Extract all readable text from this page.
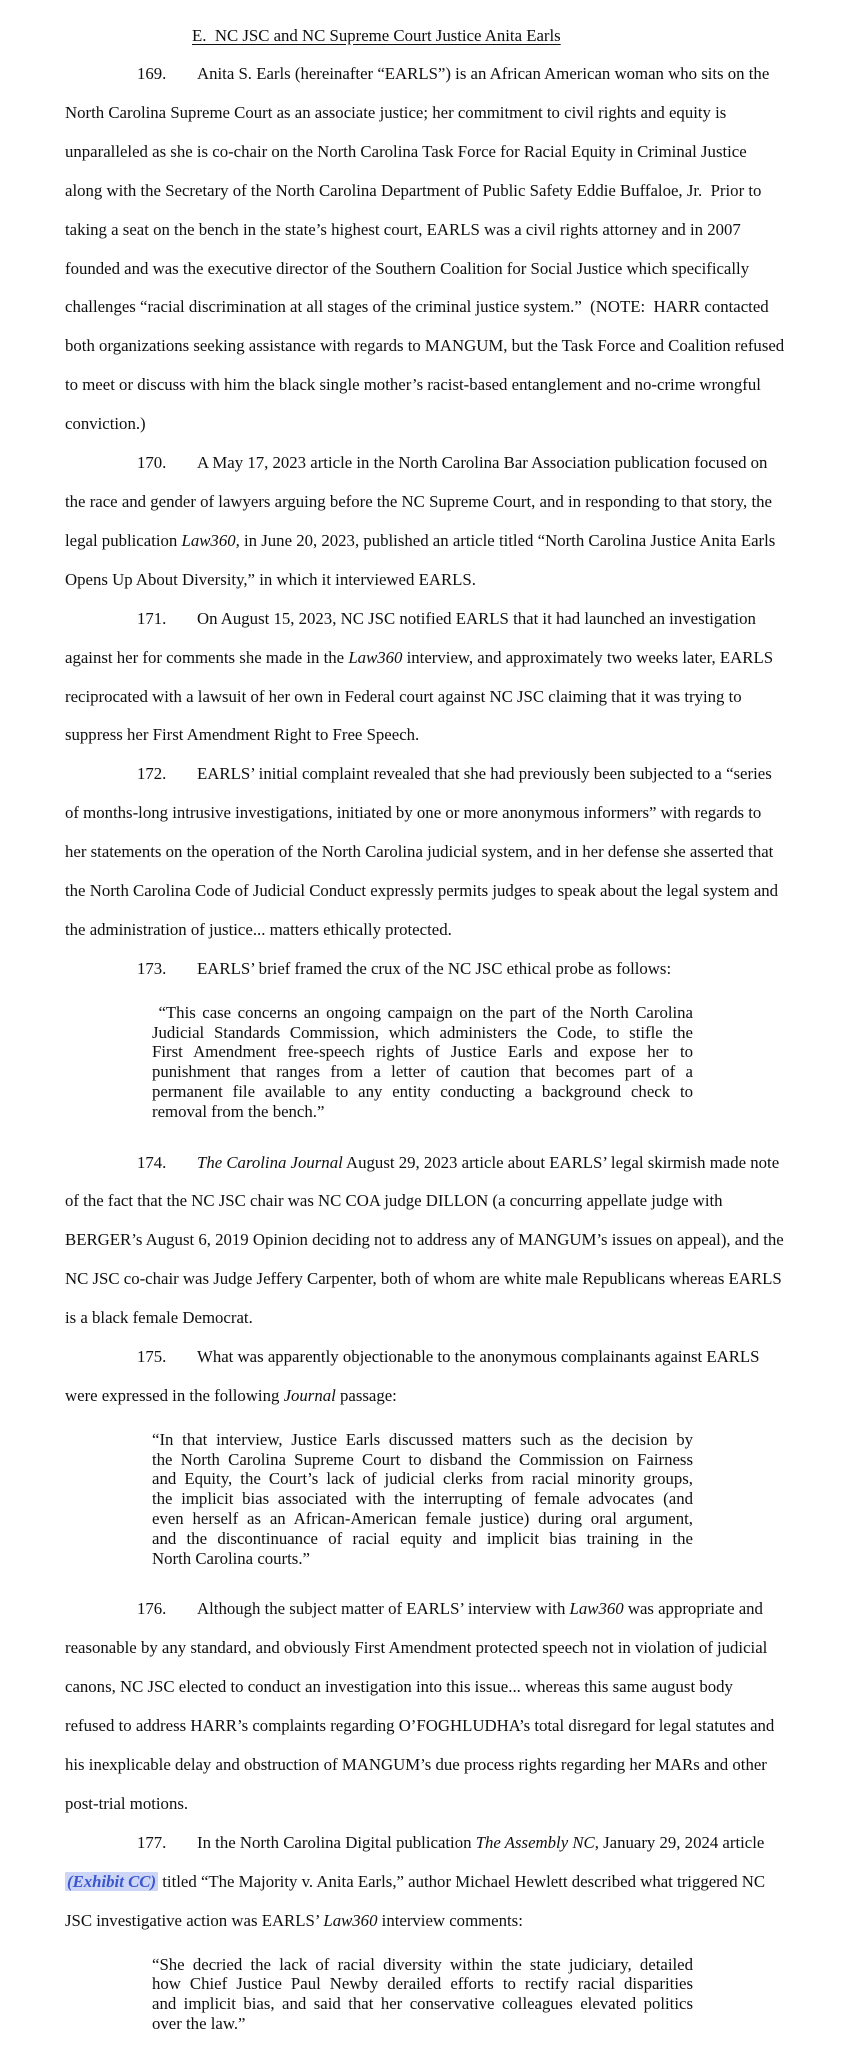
E.  NC JSC and NC Supreme Court Justice Anita Earls

169. Anita S. Earls (hereinafter “EARLS”) is an African American woman who sits on the North Carolina Supreme Court as an associate justice; her commitment to civil rights and equity is unparalleled as she is co-chair on the North Carolina Task Force for Racial Equity in Criminal Justice along with the Secretary of the North Carolina Department of Public Safety Eddie Buffaloe, Jr.  Prior to taking a seat on the bench in the state’s highest court, EARLS was a civil rights attorney and in 2007 founded and was the executive director of the Southern Coalition for Social Justice which specifically challenges “racial discrimination at all stages of the criminal justice system.”  (NOTE:  HARR contacted both organizations seeking assistance with regards to MANGUM, but the Task Force and Coalition refused to meet or discuss with him the black single mother’s racist-based entanglement and no-crime wrongful conviction.)

170. A May 17, 2023 article in the North Carolina Bar Association publication focused on the race and gender of lawyers arguing before the NC Supreme Court, and in responding to that story, the legal publication Law360, in June 20, 2023, published an article titled “North Carolina Justice Anita Earls Opens Up About Diversity,” in which it interviewed EARLS.

171. On August 15, 2023, NC JSC notified EARLS that it had launched an investigation against her for comments she made in the Law360 interview, and approximately two weeks later, EARLS reciprocated with a lawsuit of her own in Federal court against NC JSC claiming that it was trying to suppress her First Amendment Right to Free Speech.

172. EARLS’ initial complaint revealed that she had previously been subjected to a “series of months-long intrusive investigations, initiated by one or more anonymous informers” with regards to her statements on the operation of the North Carolina judicial system, and in her defense she asserted that the North Carolina Code of Judicial Conduct expressly permits judges to speak about the legal system and the administration of justice... matters ethically protected.

173. EARLS’ brief framed the crux of the NC JSC ethical probe as follows:

“This case concerns an ongoing campaign on the part of the North Carolina
Judicial Standards Commission, which administers the Code, to stifle the
First Amendment free-speech rights of Justice Earls and expose her to
punishment that ranges from a letter of caution that becomes part of a
permanent file available to any entity conducting a background check to
removal from the bench.”

174. The Carolina Journal August 29, 2023 article about EARLS’ legal skirmish made note of the fact that the NC JSC chair was NC COA judge DILLON (a concurring appellate judge with BERGER’s August 6, 2019 Opinion deciding not to address any of MANGUM’s issues on appeal), and the NC JSC co-chair was Judge Jeffery Carpenter, both of whom are white male Republicans whereas EARLS is a black female Democrat.

175. What was apparently objectionable to the anonymous complainants against EARLS were expressed in the following Journal passage:

“In that interview, Justice Earls discussed matters such as the decision by
the North Carolina Supreme Court to disband the Commission on Fairness
and Equity, the Court’s lack of judicial clerks from racial minority groups,
the implicit bias associated with the interrupting of female advocates (and
even herself as an African-American female justice) during oral argument,
and the discontinuance of racial equity and implicit bias training in the
North Carolina courts.”

176. Although the subject matter of EARLS’ interview with Law360 was appropriate and reasonable by any standard, and obviously First Amendment protected speech not in violation of judicial canons, NC JSC elected to conduct an investigation into this issue... whereas this same august body refused to address HARR’s complaints regarding O’FOGHLUDHA’s total disregard for legal statutes and his inexplicable delay and obstruction of MANGUM’s due process rights regarding her MARs and other post-trial motions.

177. In the North Carolina Digital publication The Assembly NC, January 29, 2024 article (Exhibit CC) titled “The Majority v. Anita Earls,” author Michael Hewlett described what triggered NC JSC investigative action was EARLS’ Law360 interview comments:

“She decried the lack of racial diversity within the state judiciary, detailed
how Chief Justice Paul Newby derailed efforts to rectify racial disparities
and implicit bias, and said that her conservative colleagues elevated politics
over the law.”
